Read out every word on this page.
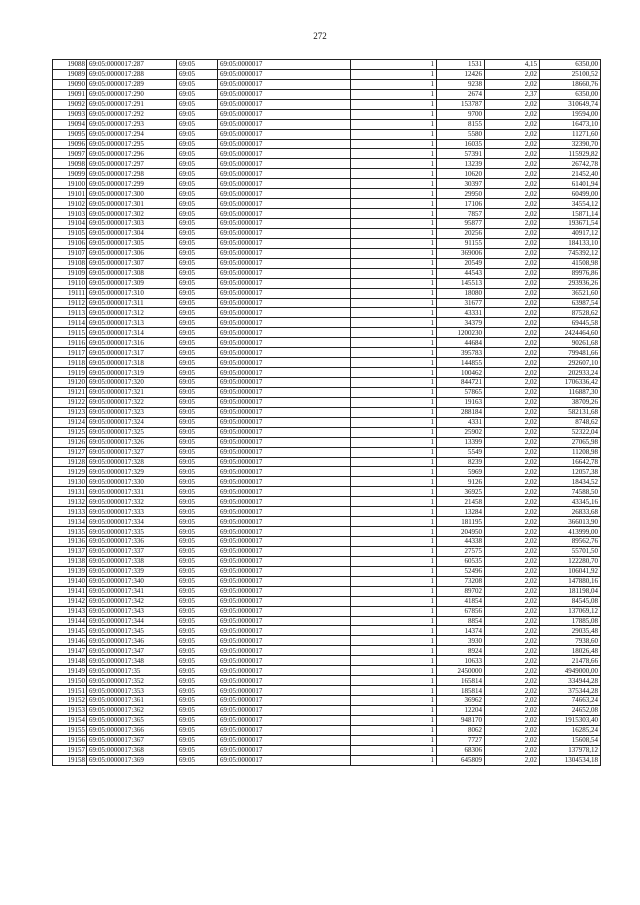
272
19088	69:05:0000017:287	69:05	69:05:0000017	1	1531	4,15	6350,00
19089	69:05:0000017:288	69:05	69:05:0000017	1	12426	2,02	25100,52
19090	69:05:0000017:289	69:05	69:05:0000017	1	9238	2,02	18660,76
19091	69:05:0000017:290	69:05	69:05:0000017	1	2674	2,37	6350,00
19092	69:05:0000017:291	69:05	69:05:0000017	1	153787	2,02	310649,74
19093	69:05:0000017:292	69:05	69:05:0000017	1	9700	2,02	19594,00
19094	69:05:0000017:293	69:05	69:05:0000017	1	8155	2,02	16473,10
19095	69:05:0000017:294	69:05	69:05:0000017	1	5580	2,02	11271,60
19096	69:05:0000017:295	69:05	69:05:0000017	1	16035	2,02	32390,70
19097	69:05:0000017:296	69:05	69:05:0000017	1	57391	2,02	115929,82
19098	69:05:0000017:297	69:05	69:05:0000017	1	13239	2,02	26742,78
19099	69:05:0000017:298	69:05	69:05:0000017	1	10620	2,02	21452,40
19100	69:05:0000017:299	69:05	69:05:0000017	1	30397	2,02	61401,94
19101	69:05:0000017:300	69:05	69:05:0000017	1	29950	2,02	60499,00
19102	69:05:0000017:301	69:05	69:05:0000017	1	17106	2,02	34554,12
19103	69:05:0000017:302	69:05	69:05:0000017	1	7857	2,02	15871,14
19104	69:05:0000017:303	69:05	69:05:0000017	1	95877	2,02	193671,54
19105	69:05:0000017:304	69:05	69:05:0000017	1	20256	2,02	40917,12
19106	69:05:0000017:305	69:05	69:05:0000017	1	91155	2,02	184133,10
19107	69:05:0000017:306	69:05	69:05:0000017	1	369006	2,02	745392,12
19108	69:05:0000017:307	69:05	69:05:0000017	1	20549	2,02	41508,98
19109	69:05:0000017:308	69:05	69:05:0000017	1	44543	2,02	89976,86
19110	69:05:0000017:309	69:05	69:05:0000017	1	145513	2,02	293936,26
19111	69:05:0000017:310	69:05	69:05:0000017	1	18080	2,02	36521,60
19112	69:05:0000017:311	69:05	69:05:0000017	1	31677	2,02	63987,54
19113	69:05:0000017:312	69:05	69:05:0000017	1	43331	2,02	87528,62
19114	69:05:0000017:313	69:05	69:05:0000017	1	34379	2,02	69445,58
19115	69:05:0000017:314	69:05	69:05:0000017	1	1200230	2,02	2424464,60
19116	69:05:0000017:316	69:05	69:05:0000017	1	44684	2,02	90261,68
19117	69:05:0000017:317	69:05	69:05:0000017	1	395783	2,02	799481,66
19118	69:05:0000017:318	69:05	69:05:0000017	1	144855	2,02	292607,10
19119	69:05:0000017:319	69:05	69:05:0000017	1	100462	2,02	202933,24
19120	69:05:0000017:320	69:05	69:05:0000017	1	844721	2,02	1706336,42
19121	69:05:0000017:321	69:05	69:05:0000017	1	57865	2,02	116887,30
19122	69:05:0000017:322	69:05	69:05:0000017	1	19163	2,02	38709,26
19123	69:05:0000017:323	69:05	69:05:0000017	1	288184	2,02	582131,68
19124	69:05:0000017:324	69:05	69:05:0000017	1	4331	2,02	8748,62
19125	69:05:0000017:325	69:05	69:05:0000017	1	25902	2,02	52322,04
19126	69:05:0000017:326	69:05	69:05:0000017	1	13399	2,02	27065,98
19127	69:05:0000017:327	69:05	69:05:0000017	1	5549	2,02	11208,98
19128	69:05:0000017:328	69:05	69:05:0000017	1	8239	2,02	16642,78
19129	69:05:0000017:329	69:05	69:05:0000017	1	5969	2,02	12057,38
19130	69:05:0000017:330	69:05	69:05:0000017	1	9126	2,02	18434,52
19131	69:05:0000017:331	69:05	69:05:0000017	1	36925	2,02	74588,50
19132	69:05:0000017:332	69:05	69:05:0000017	1	21458	2,02	43345,16
19133	69:05:0000017:333	69:05	69:05:0000017	1	13284	2,02	26833,68
19134	69:05:0000017:334	69:05	69:05:0000017	1	181195	2,02	366013,90
19135	69:05:0000017:335	69:05	69:05:0000017	1	204950	2,02	413999,00
19136	69:05:0000017:336	69:05	69:05:0000017	1	44338	2,02	89562,76
19137	69:05:0000017:337	69:05	69:05:0000017	1	27575	2,02	55701,50
19138	69:05:0000017:338	69:05	69:05:0000017	1	60535	2,02	122280,70
19139	69:05:0000017:339	69:05	69:05:0000017	1	52496	2,02	106041,92
19140	69:05:0000017:340	69:05	69:05:0000017	1	73208	2,02	147880,16
19141	69:05:0000017:341	69:05	69:05:0000017	1	89702	2,02	181198,04
19142	69:05:0000017:342	69:05	69:05:0000017	1	41854	2,02	84545,08
19143	69:05:0000017:343	69:05	69:05:0000017	1	67856	2,02	137069,12
19144	69:05:0000017:344	69:05	69:05:0000017	1	8854	2,02	17885,08
19145	69:05:0000017:345	69:05	69:05:0000017	1	14374	2,02	29035,48
19146	69:05:0000017:346	69:05	69:05:0000017	1	3930	2,02	7938,60
19147	69:05:0000017:347	69:05	69:05:0000017	1	8924	2,02	18026,48
19148	69:05:0000017:348	69:05	69:05:0000017	1	10633	2,02	21478,66
19149	69:05:0000017:35	69:05	69:05:0000017	1	2450000	2,02	4949000,00
19150	69:05:0000017:352	69:05	69:05:0000017	1	165814	2,02	334944,28
19151	69:05:0000017:353	69:05	69:05:0000017	1	185814	2,02	375344,28
19152	69:05:0000017:361	69:05	69:05:0000017	1	36962	2,02	74663,24
19153	69:05:0000017:362	69:05	69:05:0000017	1	12204	2,02	24652,08
19154	69:05:0000017:365	69:05	69:05:0000017	1	948170	2,02	1915303,40
19155	69:05:0000017:366	69:05	69:05:0000017	1	8062	2,02	16285,24
19156	69:05:0000017:367	69:05	69:05:0000017	1	7727	2,02	15608,54
19157	69:05:0000017:368	69:05	69:05:0000017	1	68306	2,02	137978,12
19158	69:05:0000017:369	69:05	69:05:0000017	1	645809	2,02	1304534,18
